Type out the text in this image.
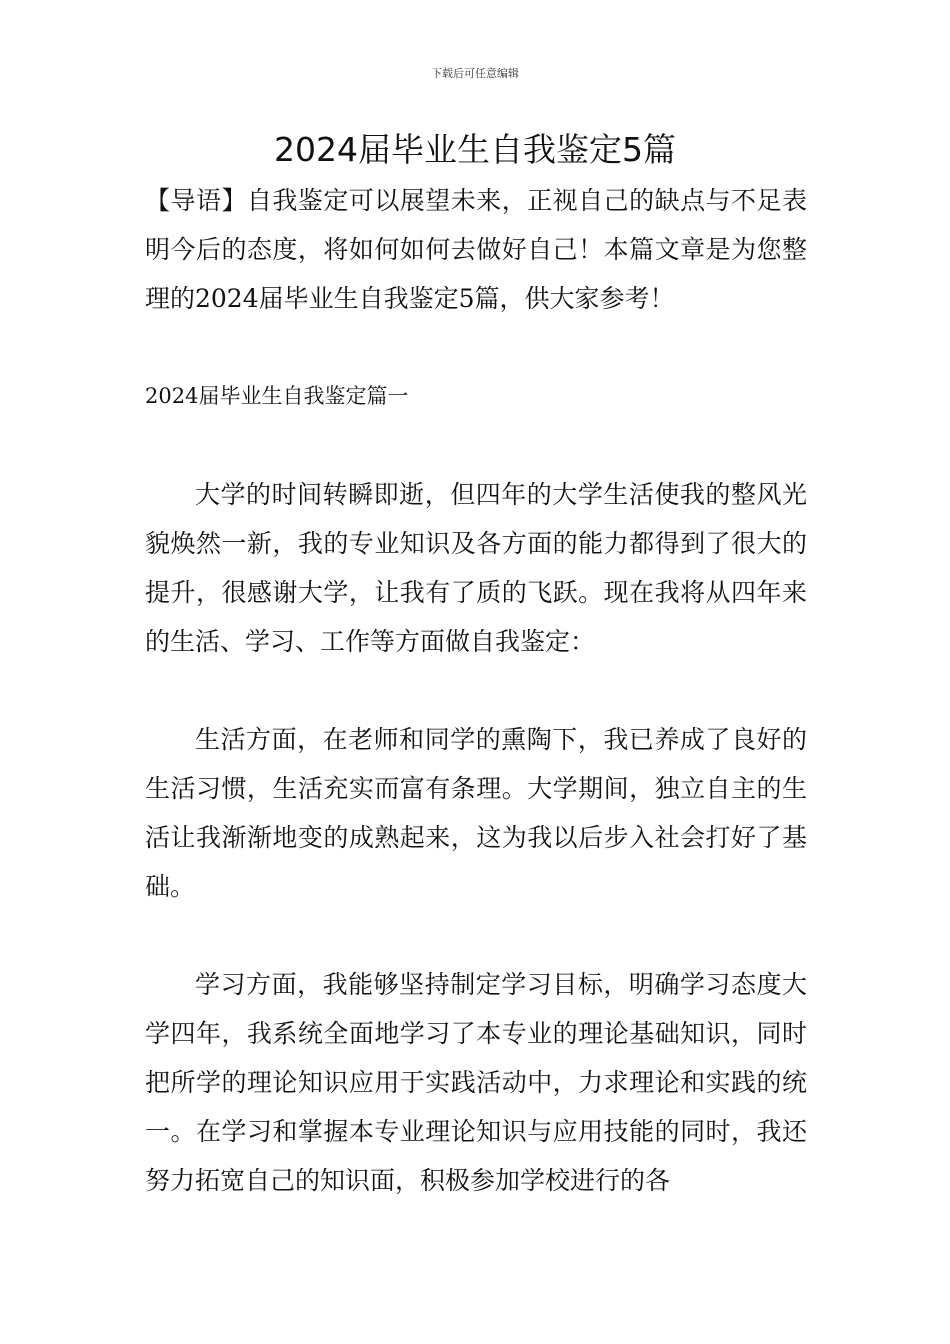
下载后可任意编辑
2024届毕业生自我鉴定5篇

【导语】自我鉴定可以展望未来，正视自己的缺点与不足表明今后的态度，将如何如何去做好自己！本篇文章是为您整理的2024届毕业生自我鉴定5篇，供大家参考！

2024届毕业生自我鉴定篇一

大学的时间转瞬即逝，但四年的大学生活使我的整风光貌焕然一新，我的专业知识及各方面的能力都得到了很大的提升，很感谢大学，让我有了质的飞跃。现在我将从四年来的生活、学习、工作等方面做自我鉴定：

生活方面，在老师和同学的熏陶下，我已养成了良好的生活习惯，生活充实而富有条理。大学期间，独立自主的生活让我渐渐地变的成熟起来，这为我以后步入社会打好了基础。

学习方面，我能够坚持制定学习目标，明确学习态度大学四年，我系统全面地学习了本专业的理论基础知识，同时把所学的理论知识应用于实践活动中，力求理论和实践的统一。在学习和掌握本专业理论知识与应用技能的同时，我还努力拓宽自己的知识面，积极参加学校进行的各
